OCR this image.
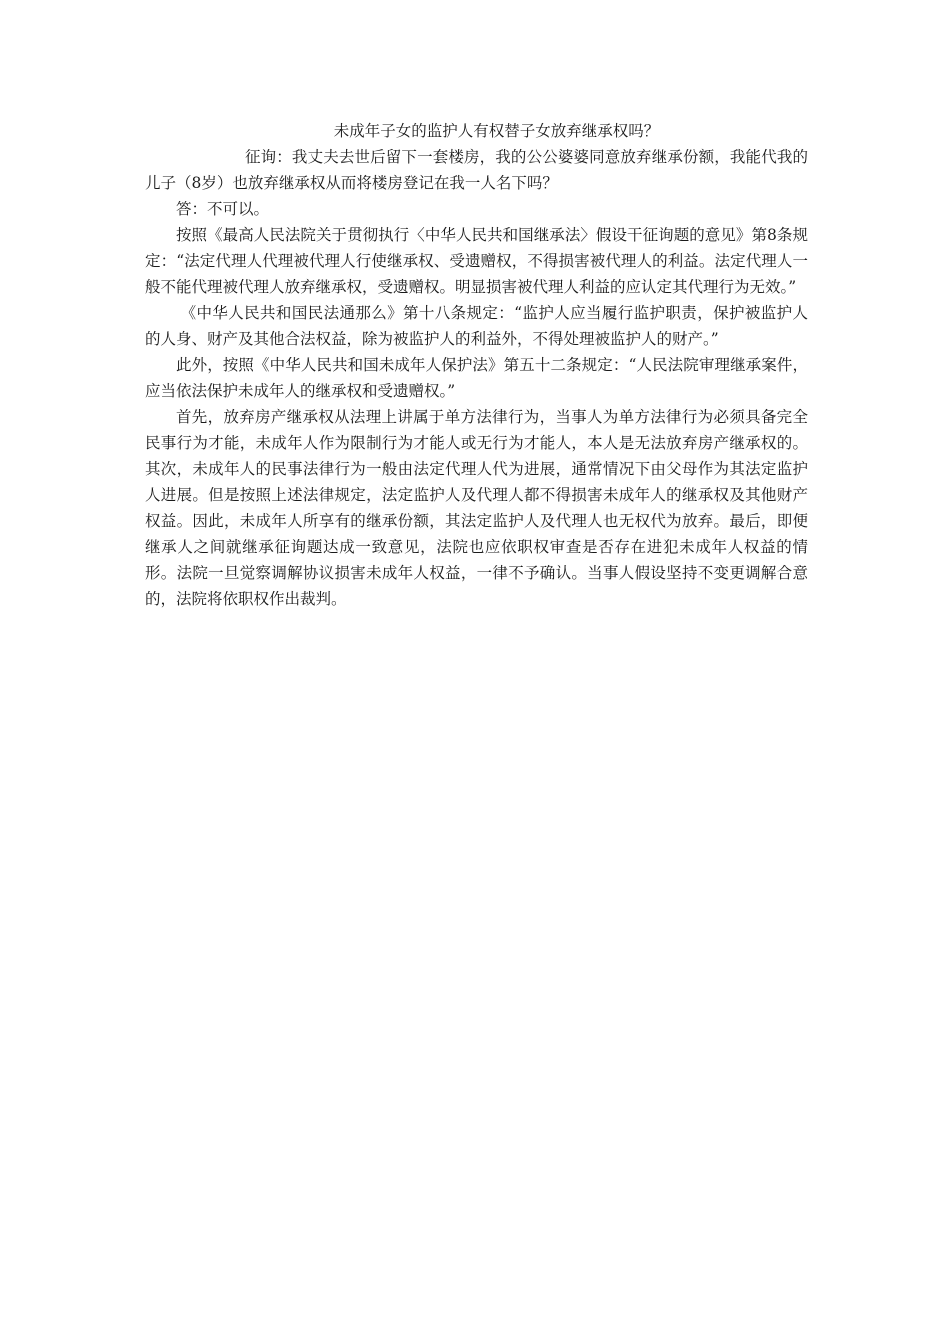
未成年子女的监护人有权替子女放弃继承权吗？

征询：我丈夫去世后留下一套楼房，我的公公婆婆同意放弃继承份额，我能代我的儿子（8岁）也放弃继承权从而将楼房登记在我一人名下吗？

答：不可以。

按照《最高人民法院关于贯彻执行〈中华人民共和国继承法〉假设干征询题的意见》第8条规定：“法定代理人代理被代理人行使继承权、受遗赠权，不得损害被代理人的利益。法定代理人一般不能代理被代理人放弃继承权，受遗赠权。明显损害被代理人利益的应认定其代理行为无效。”

《中华人民共和国民法通那么》第十八条规定：“监护人应当履行监护职责，保护被监护人的人身、财产及其他合法权益，除为被监护人的利益外，不得处理被监护人的财产。”

此外，按照《中华人民共和国未成年人保护法》第五十二条规定：“人民法院审理继承案件，应当依法保护未成年人的继承权和受遗赠权。”

首先，放弃房产继承权从法理上讲属于单方法律行为，当事人为单方法律行为必须具备完全民事行为才能，未成年人作为限制行为才能人或无行为才能人，本人是无法放弃房产继承权的。其次，未成年人的民事法律行为一般由法定代理人代为进展，通常情况下由父母作为其法定监护人进展。但是按照上述法律规定，法定监护人及代理人都不得损害未成年人的继承权及其他财产权益。因此，未成年人所享有的继承份额，其法定监护人及代理人也无权代为放弃。最后，即便继承人之间就继承征询题达成一致意见，法院也应依职权审查是否存在进犯未成年人权益的情形。法院一旦觉察调解协议损害未成年人权益，一律不予确认。当事人假设坚持不变更调解合意的，法院将依职权作出裁判。
